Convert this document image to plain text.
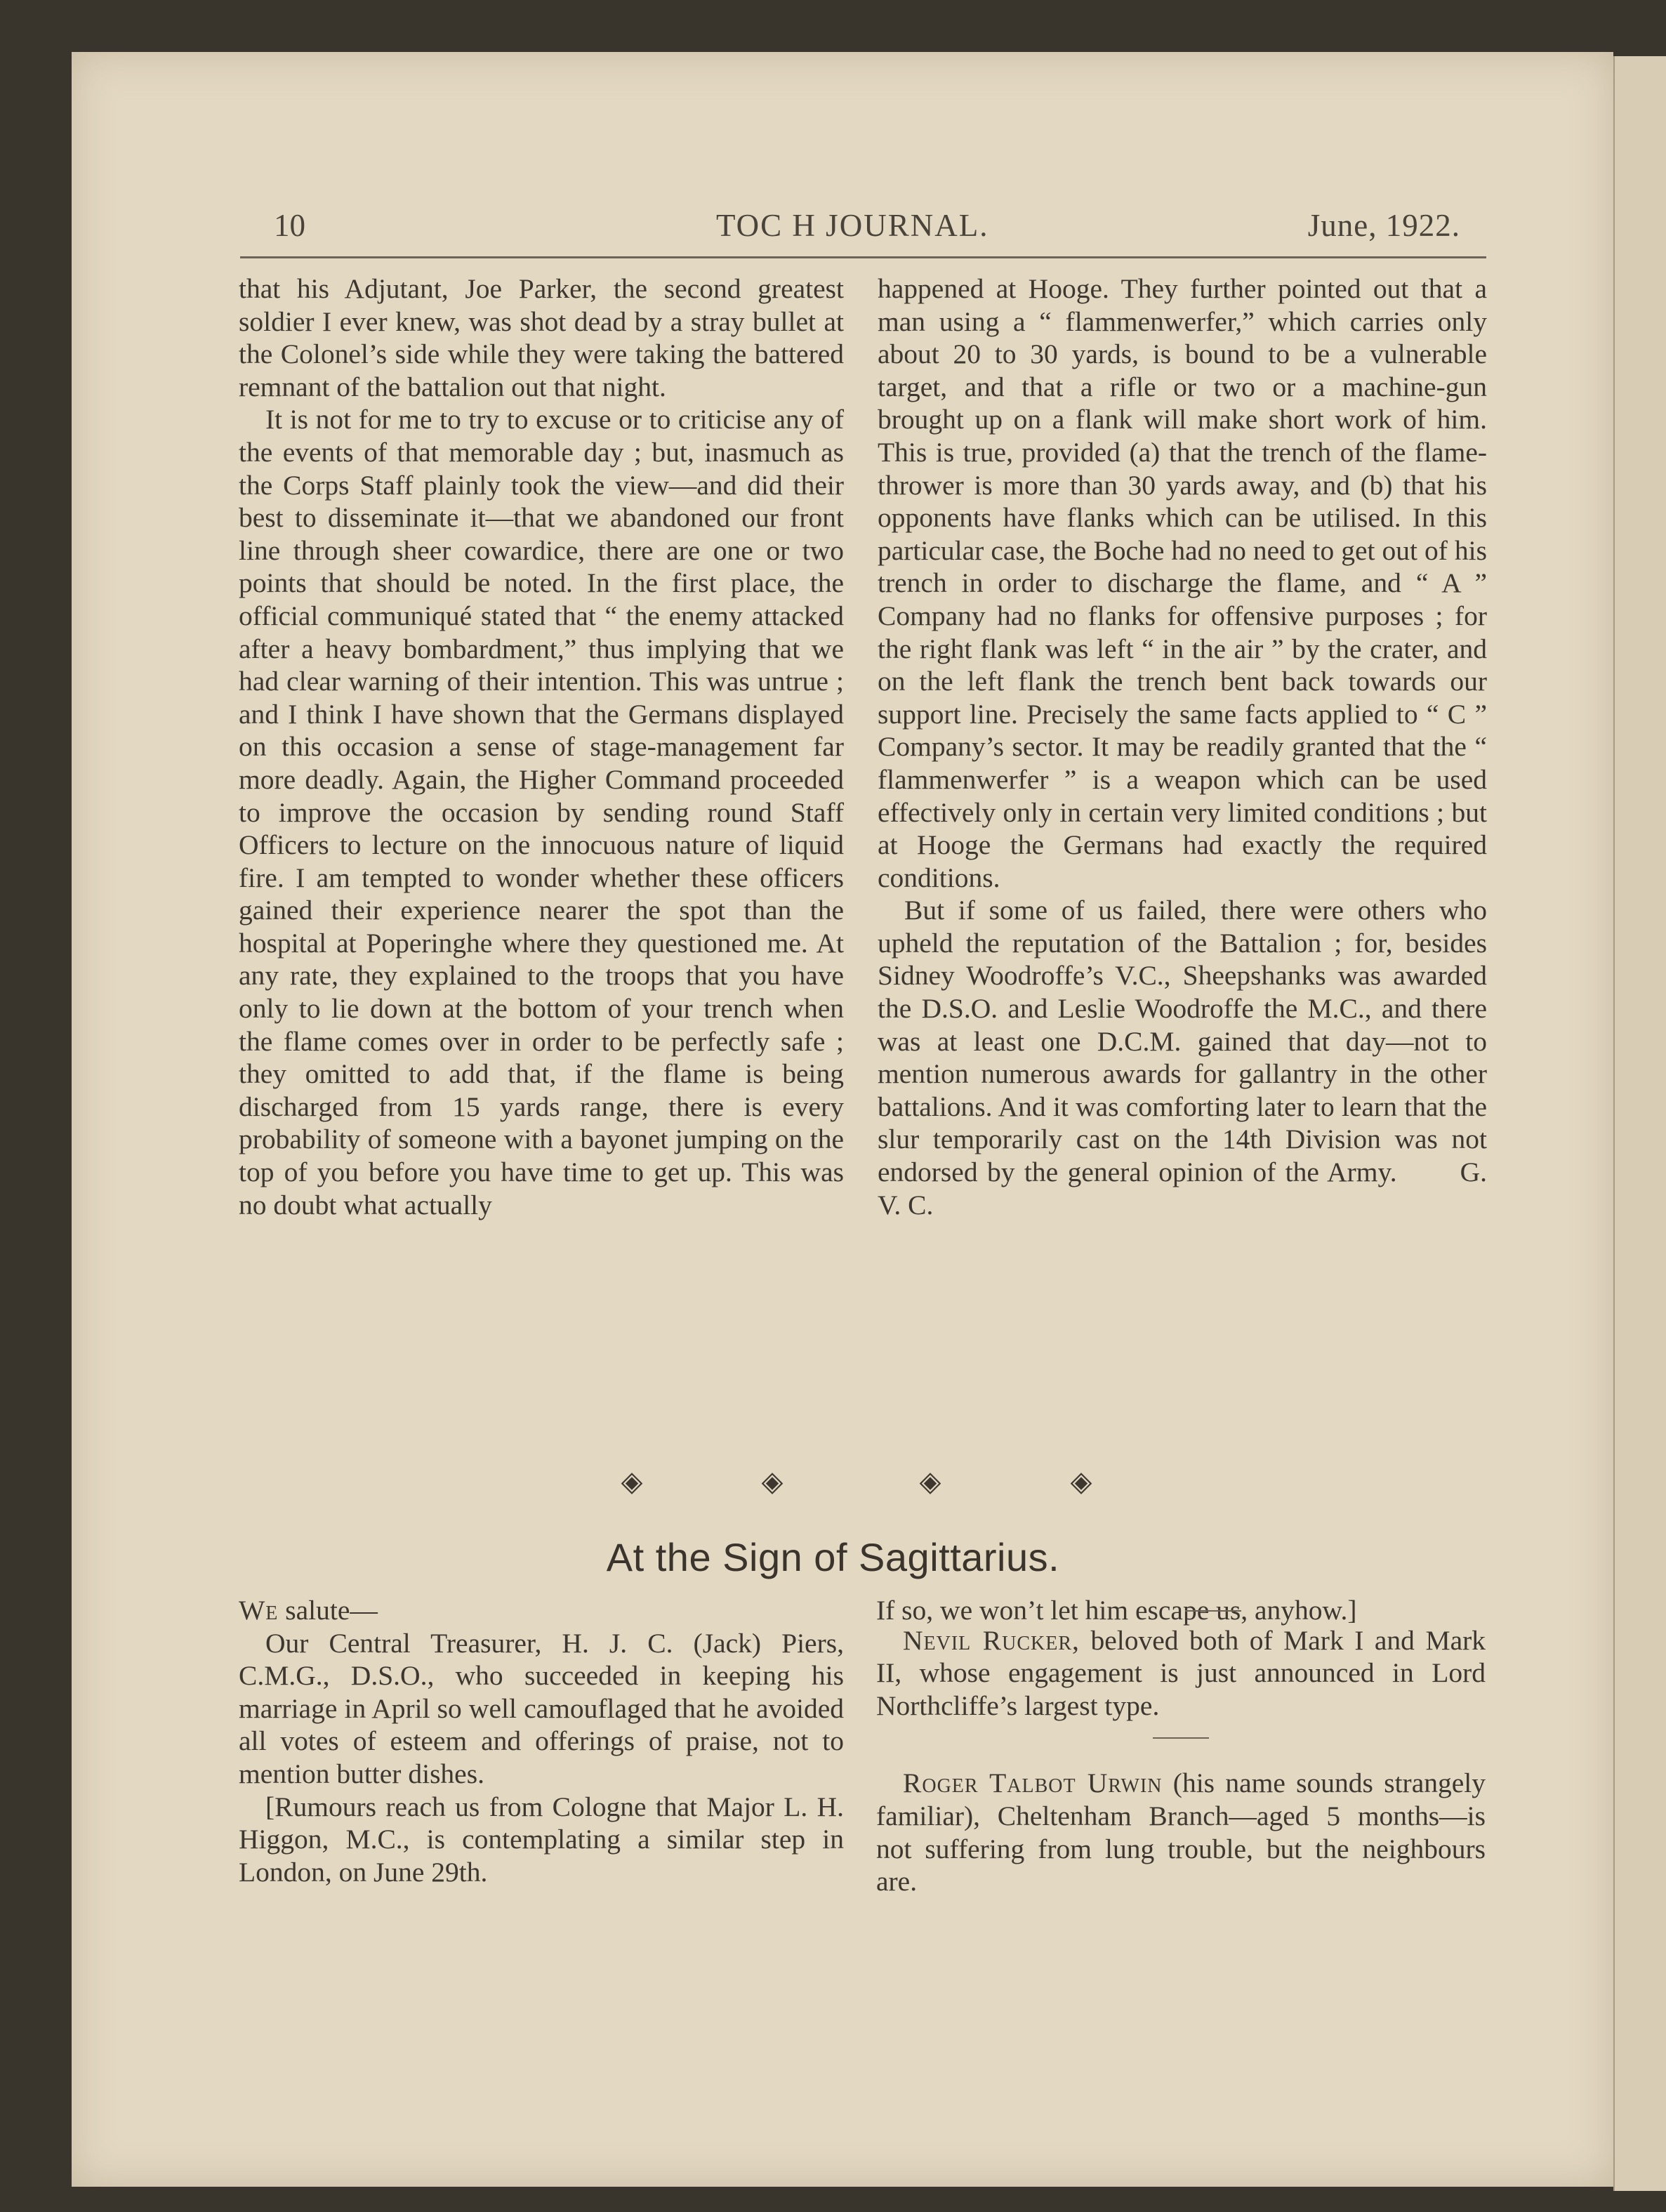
10	TOC H JOURNAL.	June, 1922.

that his Adjutant, Joe Parker, the second greatest soldier I ever knew, was shot dead by a stray bullet at the Colonel’s side while they were taking the battered remnant of the battalion out that night.

It is not for me to try to excuse or to criticise any of the events of that memorable day ; but, inasmuch as the Corps Staff plainly took the view—and did their best to disseminate it—that we abandoned our front line through sheer cowardice, there are one or two points that should be noted. In the first place, the official communiqué stated that “ the enemy attacked after a heavy bombardment,” thus implying that we had clear warning of their intention. This was untrue ; and I think I have shown that the Germans displayed on this occasion a sense of stage-management far more deadly. Again, the Higher Command proceeded to improve the occasion by sending round Staff Officers to lecture on the innocuous nature of liquid fire. I am tempted to wonder whether these officers gained their experience nearer the spot than the hospital at Poperinghe where they questioned me. At any rate, they explained to the troops that you have only to lie down at the bottom of your trench when the flame comes over in order to be perfectly safe ; they omitted to add that, if the flame is being discharged from 15 yards range, there is every probability of someone with a bayonet jumping on the top of you before you have time to get up. This was no doubt what actually

happened at Hooge. They further pointed out that a man using a “ flammenwerfer,” which carries only about 20 to 30 yards, is bound to be a vulnerable target, and that a rifle or two or a machine-gun brought up on a flank will make short work of him. This is true, provided (a) that the trench of the flame-thrower is more than 30 yards away, and (b) that his opponents have flanks which can be utilised. In this particular case, the Boche had no need to get out of his trench in order to discharge the flame, and “ A ” Company had no flanks for offensive purposes ; for the right flank was left “ in the air ” by the crater, and on the left flank the trench bent back towards our support line. Precisely the same facts applied to “ C ” Company’s sector. It may be readily granted that the “ flammenwerfer ” is a weapon which can be used effectively only in certain very limited conditions ; but at Hooge the Germans had exactly the required conditions.

But if some of us failed, there were others who upheld the reputation of the Battalion ; for, besides Sidney Woodroffe’s V.C., Sheepshanks was awarded the D.S.O. and Leslie Woodroffe the M.C., and there was at least one D.C.M. gained that day—not to mention numerous awards for gallantry in the other battalions. And it was comforting later to learn that the slur temporarily cast on the 14th Division was not endorsed by the general opinion of the Army. G. V. C.

◈	◈	◈	◈
At the Sign of Sagittarius.

We salute—

Our Central Treasurer, H. J. C. (Jack) Piers, C.M.G., D.S.O., who succeeded in keeping his marriage in April so well camouflaged that he avoided all votes of esteem and offerings of praise, not to mention butter dishes.

[Rumours reach us from Cologne that Major L. H. Higgon, M.C., is contemplating a similar step in London, on June 29th.

If so, we won’t let him escape us, anyhow.]

Nevil Rucker, beloved both of Mark I and Mark II, whose engagement is just announced in Lord Northcliffe’s largest type.

Roger Talbot Urwin (his name sounds strangely familiar), Cheltenham Branch—aged 5 months—is not suffering from lung trouble, but the neighbours are.
